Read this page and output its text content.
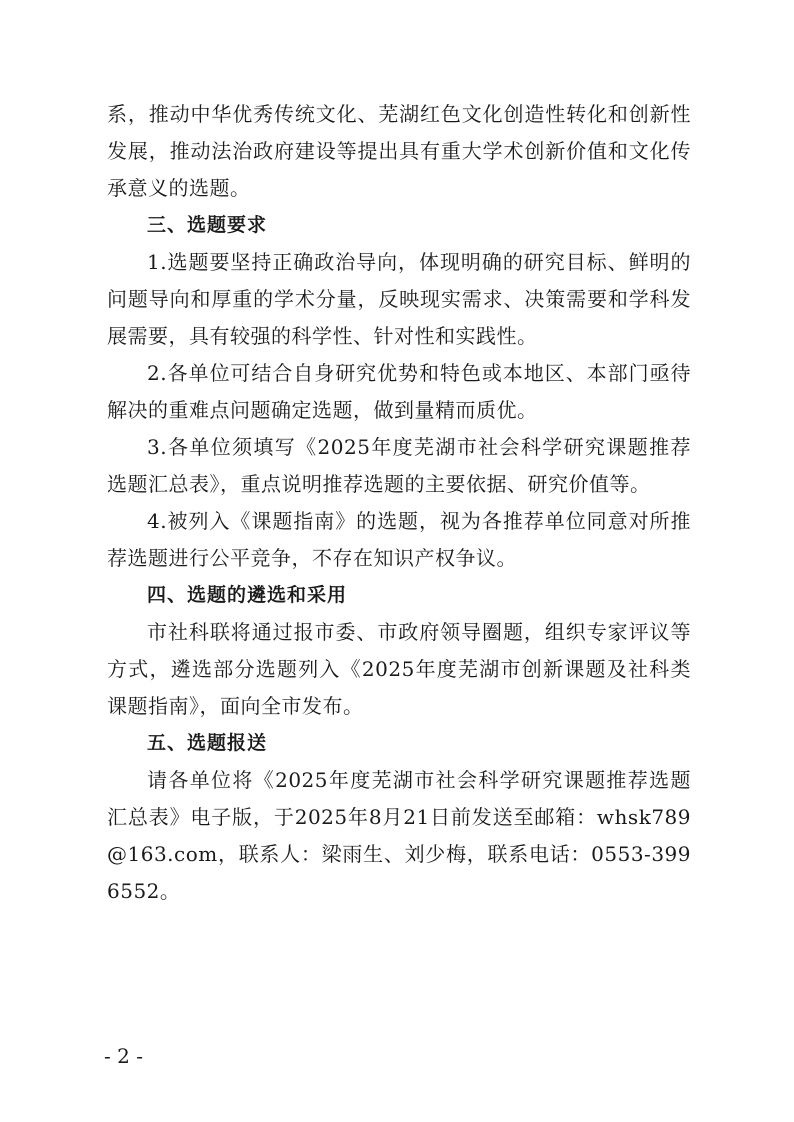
系，推动中华优秀传统文化、芜湖红色文化创造性转化和创新性发展，推动法治政府建设等提出具有重大学术创新价值和文化传承意义的选题。

三、选题要求

1.选题要坚持正确政治导向，体现明确的研究目标、鲜明的问题导向和厚重的学术分量，反映现实需求、决策需要和学科发展需要，具有较强的科学性、针对性和实践性。

2.各单位可结合自身研究优势和特色或本地区、本部门亟待解决的重难点问题确定选题，做到量精而质优。

3.各单位须填写《2025年度芜湖市社会科学研究课题推荐选题汇总表》，重点说明推荐选题的主要依据、研究价值等。

4.被列入《课题指南》的选题，视为各推荐单位同意对所推荐选题进行公平竞争，不存在知识产权争议。

四、选题的遴选和采用

市社科联将通过报市委、市政府领导圈题，组织专家评议等方式，遴选部分选题列入《2025年度芜湖市创新课题及社科类课题指南》，面向全市发布。

五、选题报送

请各单位将《2025年度芜湖市社会科学研究课题推荐选题汇总表》电子版，于2025年8月21日前发送至邮箱：whsk789@163.com，联系人：梁雨生、刘少梅，联系电话：0553-3996552。

- 2 -
